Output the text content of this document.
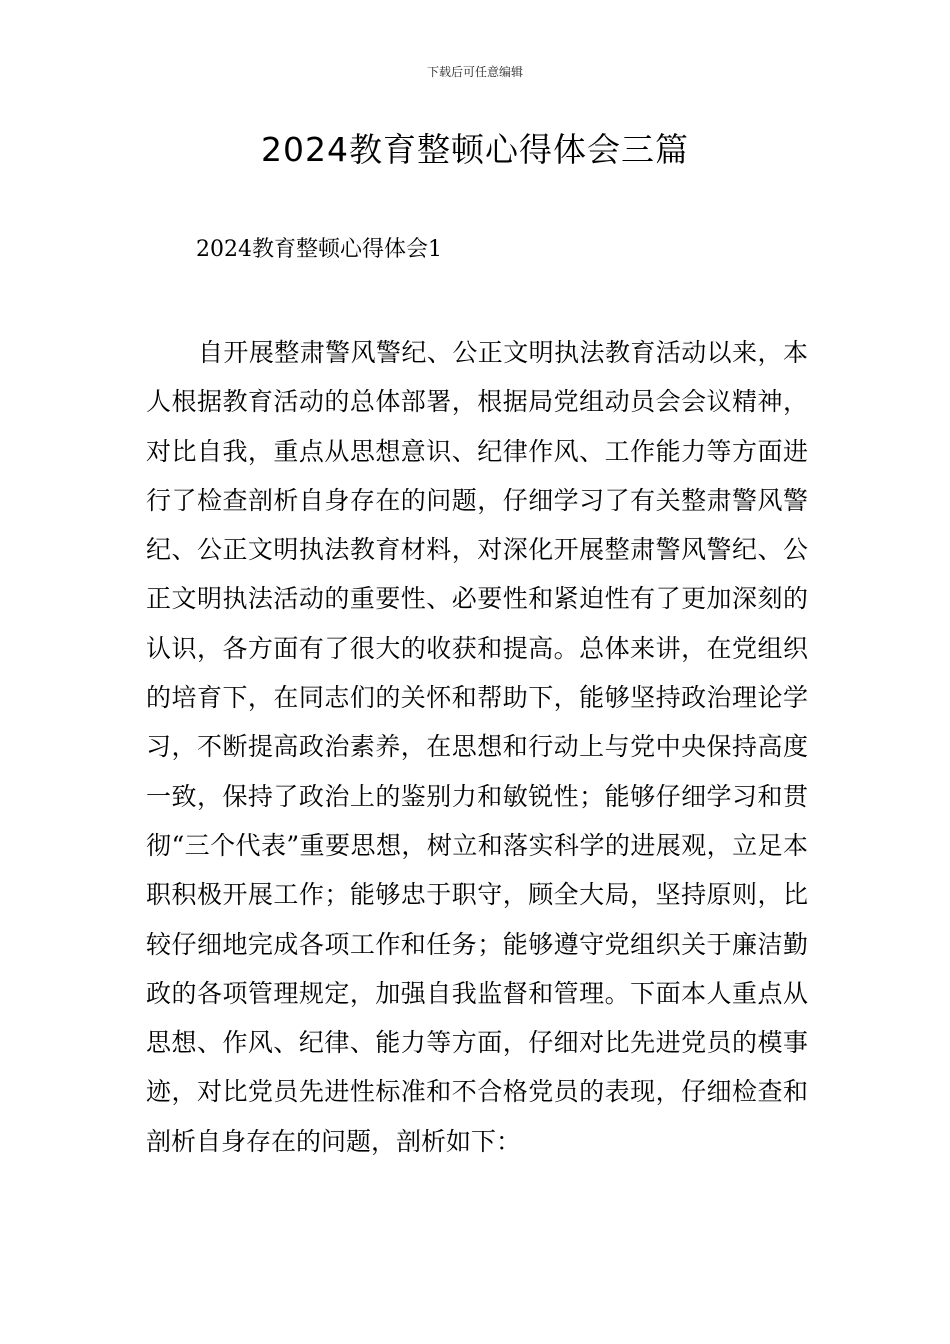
下载后可任意编辑
2024教育整顿心得体会三篇
2024教育整顿心得体会1

自开展整肃警风警纪、公正文明执法教育活动以来，本人根据教育活动的总体部署，根据局党组动员会会议精神，对比自我，重点从思想意识、纪律作风、工作能力等方面进行了检查剖析自身存在的问题，仔细学习了有关整肃警风警纪、公正文明执法教育材料，对深化开展整肃警风警纪、公正文明执法活动的重要性、必要性和紧迫性有了更加深刻的认识，各方面有了很大的收获和提高。总体来讲，在党组织的培育下，在同志们的关怀和帮助下，能够坚持政治理论学习，不断提高政治素养，在思想和行动上与党中央保持高度一致，保持了政治上的鉴别力和敏锐性；能够仔细学习和贯彻“三个代表”重要思想，树立和落实科学的进展观，立足本职积极开展工作；能够忠于职守，顾全大局，坚持原则，比较仔细地完成各项工作和任务；能够遵守党组织关于廉洁勤政的各项管理规定，加强自我监督和管理。下面本人重点从思想、作风、纪律、能力等方面，仔细对比先进党员的模事迹，对比党员先进性标准和不合格党员的表现，仔细检查和剖析自身存在的问题，剖析如下：
